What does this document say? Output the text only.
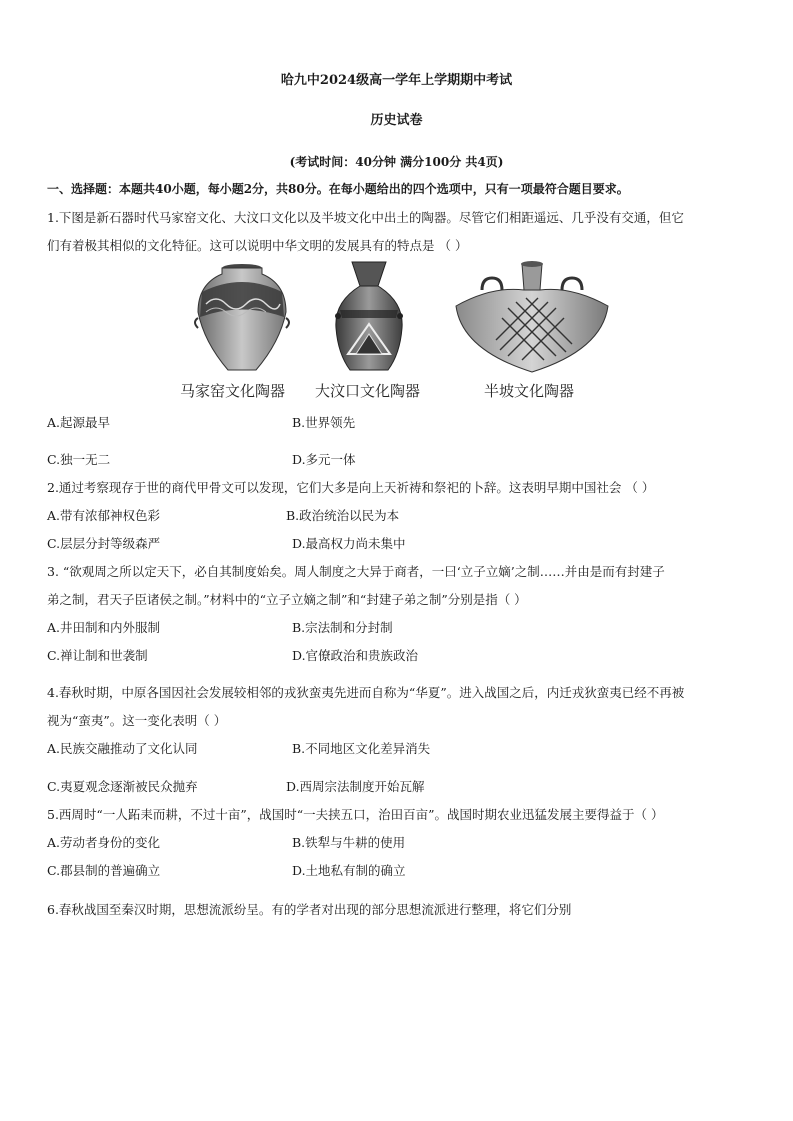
哈九中2024级高一学年上学期期中考试
历史试卷
(考试时间：40分钟 满分100分 共4页)
一、选择题：本题共40小题，每小题2分，共80分。在每小题给出的四个选项中，只有一项最符合题目要求。
1.下图是新石器时代马家窑文化、大汶口文化以及半坡文化中出土的陶器。尽管它们相距遥远、几乎没有交通，但它
们有着极其相似的文化特征。这可以说明中华文明的发展具有的特点是 （ ）
马家窑文化陶器 大汶口文化陶器	半坡文化陶器
A.起源最早	B.世界领先
C.独一无二	D.多元一体
2.通过考察现存于世的商代甲骨文可以发现，它们大多是向上天祈祷和祭祀的卜辞。这表明早期中国社会 （ ）
A.带有浓郁神权色彩	B.政治统治以民为本
C.层层分封等级森严	D.最高权力尚未集中
3. “欲观周之所以定天下，必自其制度始矣。周人制度之大异于商者，一曰‘立子立嫡’之制……并由是而有封建子
弟之制，君天子臣诸侯之制。”材料中的“立子立嫡之制”和“封建子弟之制”分别是指（ ）
A.井田制和内外服制	B.宗法制和分封制
C.禅让制和世袭制	D.官僚政治和贵族政治
4.春秋时期，中原各国因社会发展较相邻的戎狄蛮夷先进而自称为“华夏”。进入战国之后，内迁戎狄蛮夷已经不再被
视为“蛮夷”。这一变化表明（ ）
A.民族交融推动了文化认同	B.不同地区文化差异消失
C.夷夏观念逐渐被民众抛弃	D.西周宗法制度开始瓦解
5.西周时“一人跖耒而耕，不过十亩”，战国时“一夫挟五口，治田百亩”。战国时期农业迅猛发展主要得益于（ ）
A.劳动者身份的变化	B.铁犁与牛耕的使用
C.郡县制的普遍确立	D.土地私有制的确立
6.春秋战国至秦汉时期，思想流派纷呈。有的学者对出现的部分思想流派进行整理，将它们分别
